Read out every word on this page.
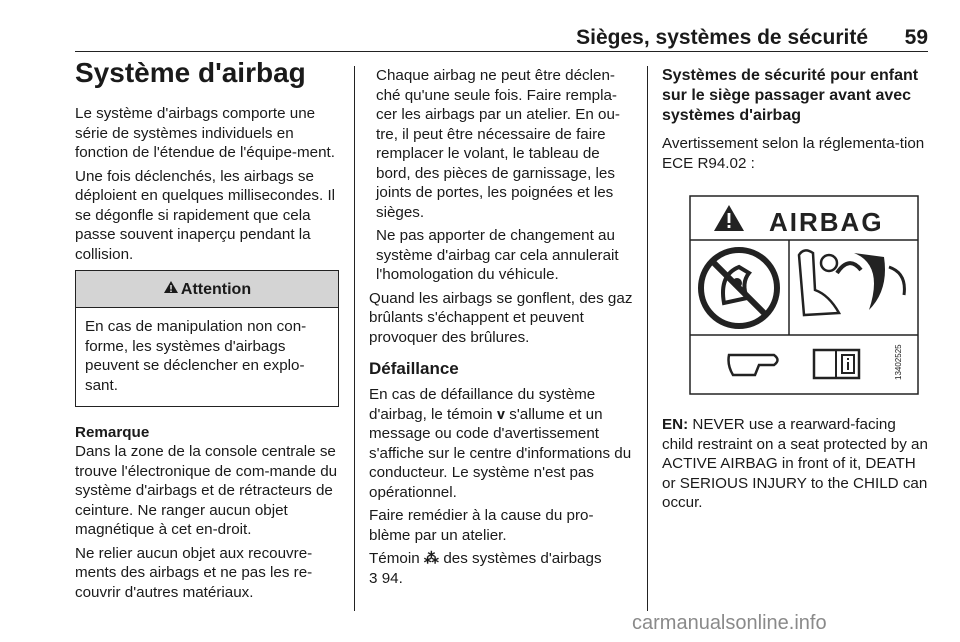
Sièges, systèmes de sécurité 59
Système d'airbag

Le système d'airbags comporte une série de systèmes individuels en fonction de l'étendue de l'équipe-ment.

Une fois déclenchés, les airbags se déploient en quelques millisecondes. Il se dégonfle si rapidement que cela passe souvent inaperçu pendant la collision.

Attention

En cas de manipulation non con-forme, les systèmes d'airbags peuvent se déclencher en explo-sant.

Remarque

Dans la zone de la console centrale se trouve l'électronique de com-mande du système d'airbags et de rétracteurs de ceinture. Ne ranger aucun objet magnétique à cet en-droit.

Ne relier aucun objet aux recouvre-ments des airbags et ne pas les re-couvrir d'autres matériaux.

Chaque airbag ne peut être déclen-ché qu'une seule fois. Faire rempla-cer les airbags par un atelier. En ou-tre, il peut être nécessaire de faire remplacer le volant, le tableau de bord, des pièces de garnissage, les joints de portes, les poignées et les sièges.

Ne pas apporter de changement au système d'airbag car cela annulerait l'homologation du véhicule.

Quand les airbags se gonflent, des gaz brûlants s'échappent et peuvent provoquer des brûlures.

Défaillance

En cas de défaillance du système d'airbag, le témoin 𝐯 s'allume et un message ou code d'avertissement s'affiche sur le centre d'informations du conducteur. Le système n'est pas opérationnel.

Faire remédier à la cause du pro-blème par un atelier.

Témoin ⁂ des systèmes d'airbags
3 94.

Systèmes de sécurité pour enfant sur le siège passager avant avec systèmes d'airbag

Avertissement selon la réglementa-tion ECE R94.02 :

AIRBAG
13402525

EN: NEVER use a rearward-facing child restraint on a seat protected by an ACTIVE AIRBAG in front of it, DEATH or SERIOUS INJURY to the CHILD can occur.

carmanualsonline.info
